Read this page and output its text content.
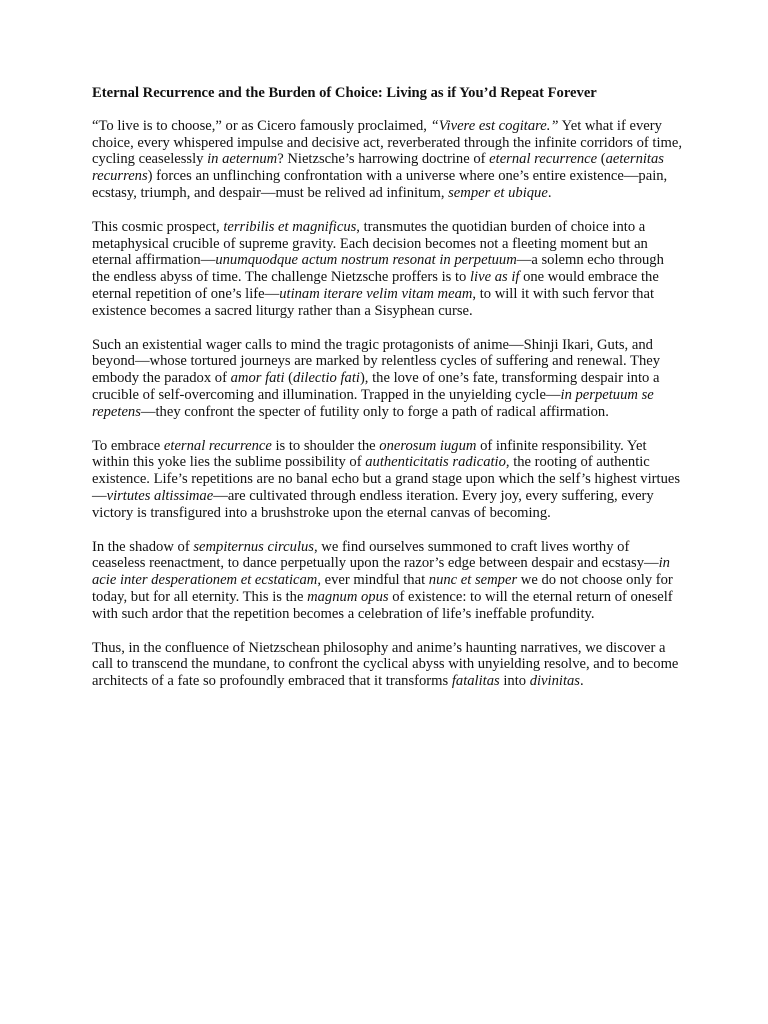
Eternal Recurrence and the Burden of Choice: Living as if You’d Repeat Forever

“To live is to choose,” or as Cicero famously proclaimed, “Vivere est cogitare.” Yet what if every choice, every whispered impulse and decisive act, reverberated through the infinite corridors of time, cycling ceaselessly in aeternum? Nietzsche’s harrowing doctrine of eternal recurrence (aeternitas recurrens) forces an unflinching confrontation with a universe where one’s entire existence—pain, ecstasy, triumph, and despair—must be relived ad infinitum, semper et ubique.

This cosmic prospect, terribilis et magnificus, transmutes the quotidian burden of choice into a metaphysical crucible of supreme gravity. Each decision becomes not a fleeting moment but an eternal affirmation—unumquodque actum nostrum resonat in perpetuum—a solemn echo through the endless abyss of time. The challenge Nietzsche proffers is to live as if one would embrace the eternal repetition of one’s life—utinam iterare velim vitam meam, to will it with such fervor that existence becomes a sacred liturgy rather than a Sisyphean curse.

Such an existential wager calls to mind the tragic protagonists of anime—Shinji Ikari, Guts, and beyond—whose tortured journeys are marked by relentless cycles of suffering and renewal. They embody the paradox of amor fati (dilectio fati), the love of one’s fate, transforming despair into a crucible of self-overcoming and illumination. Trapped in the unyielding cycle—in perpetuum se repetens—they confront the specter of futility only to forge a path of radical affirmation.

To embrace eternal recurrence is to shoulder the onerosum iugum of infinite responsibility. Yet within this yoke lies the sublime possibility of authenticitatis radicatio, the rooting of authentic existence. Life’s repetitions are no banal echo but a grand stage upon which the self’s highest virtues—virtutes altissimae—are cultivated through endless iteration. Every joy, every suffering, every victory is transfigured into a brushstroke upon the eternal canvas of becoming.

In the shadow of sempiternus circulus, we find ourselves summoned to craft lives worthy of ceaseless reenactment, to dance perpetually upon the razor’s edge between despair and ecstasy—in acie inter desperationem et ecstaticam, ever mindful that nunc et semper we do not choose only for today, but for all eternity. This is the magnum opus of existence: to will the eternal return of oneself with such ardor that the repetition becomes a celebration of life’s ineffable profundity.

Thus, in the confluence of Nietzschean philosophy and anime’s haunting narratives, we discover a call to transcend the mundane, to confront the cyclical abyss with unyielding resolve, and to become architects of a fate so profoundly embraced that it transforms fatalitas into divinitas.
